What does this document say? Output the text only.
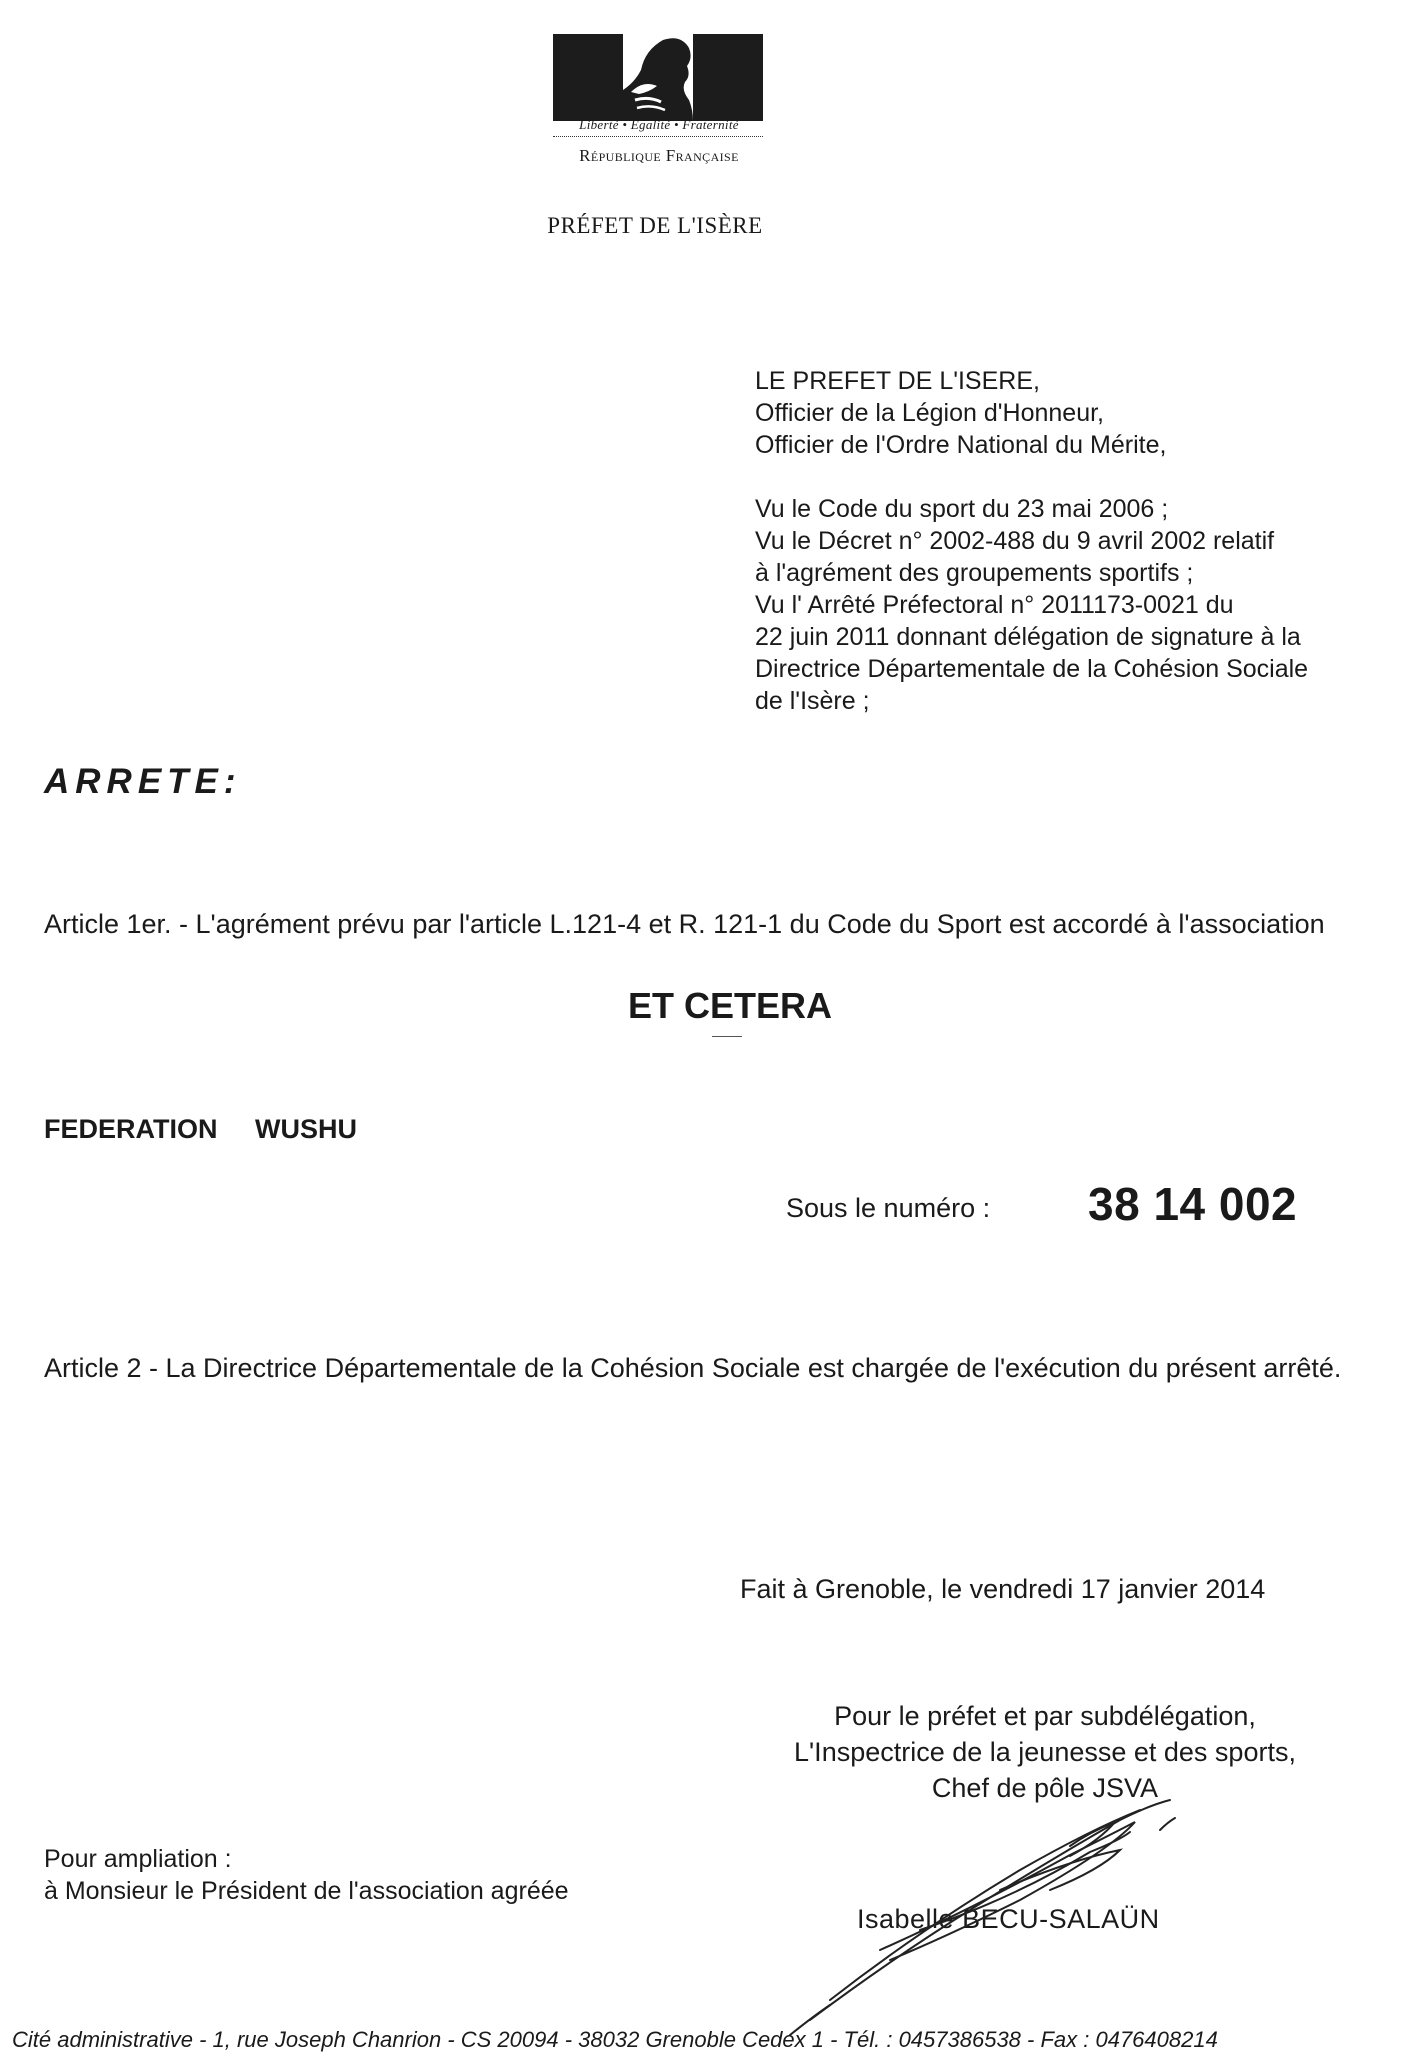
Liberté • Égalité • Fraternité
République Française
PRÉFET DE L'ISÈRE
LE PREFET DE L'ISERE,
Officier de la Légion d'Honneur,
Officier de l'Ordre National du Mérite,
Vu le Code du sport du 23 mai 2006 ;
Vu le Décret n° 2002-488 du 9 avril 2002 relatif
à l'agrément des groupements sportifs ;
Vu l' Arrêté Préfectoral n° 2011173-0021 du
22 juin 2011 donnant délégation de signature à la
Directrice Départementale de la Cohésion Sociale
de l'Isère ;
ARRETE:
Article 1er. - L'agrément prévu par l'article L.121-4 et R. 121-1 du Code du Sport est accordé à l'association
ET CETERA
FEDERATION WUSHU
Sous le numéro : 38 14 002
Article 2 - La Directrice Départementale de la Cohésion Sociale est chargée de l'exécution du présent arrêté.
Fait à Grenoble, le vendredi 17 janvier 2014
Pour le préfet et par subdélégation,
L'Inspectrice de la jeunesse et des sports,
Chef de pôle JSVA
Pour ampliation :
à Monsieur le Président de l'association agréée
Isabelle BECU-SALAÜN
Cité administrative - 1, rue Joseph Chanrion - CS 20094 - 38032 Grenoble Cedex 1 - Tél. : 0457386538 - Fax : 0476408214
